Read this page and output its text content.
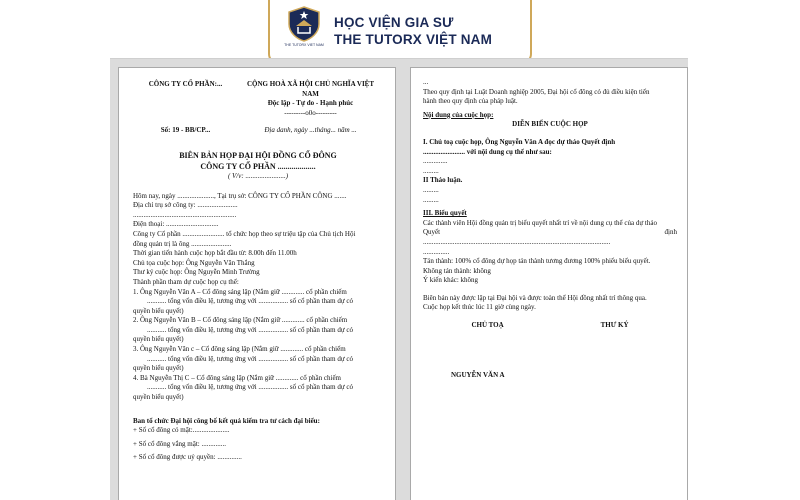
THE TUTORX VIET NAM
HỌC VIỆN GIA SƯ
THE TUTORX VIỆT NAM
CÔNG TY CỔ PHẦN:...	CỘNG HOÀ XÃ HỘI CHỦ NGHĨA VIỆT NAM
Độc lập - Tự do - Hạnh phúc
---------o0o---------
Số: 19 - BB/CP...	Địa danh, ngày ...tháng... năm ...
BIÊN BẢN HỌP ĐẠI HỘI ĐỒNG CỔ ĐÔNG
CÔNG TY CỔ PHẦN ...................
( V/v: .......................)
Hôm nay, ngày ....................., Tại trụ sở: CÔNG TY CỔ PHẦN CÔNG .......
Địa chỉ trụ sở công ty: .......................
...........................................................
Điện thoại: ..............................
Công ty Cổ phần ........................ tổ chức họp theo sự triệu tập của Chủ tịch Hội
đồng quản trị là ông .......................
Thời gian tiến hành cuộc họp bắt đầu từ: 8.00h đến 11.00h
Chủ tọa cuộc họp: Ông Nguyễn Văn Thắng
Thư ký cuộc họp: Ông Nguyễn Minh Trường
Thành phần tham dự cuộc họp cụ thể:
1. Ông Nguyễn Văn A – Cổ đông sáng lập (Nắm giữ ............. cổ phần chiếm
........... tổng vốn điều lệ, tương ứng với ................. số cổ phần tham dự có
quyền biểu quyết)
2. Ông Nguyễn Văn B – Cổ đông sáng lập (Nắm giữ ............. cổ phần chiếm
........... tổng vốn điều lệ, tương ứng với ................. số cổ phần tham dự có
quyền biểu quyết)
3. Ông Nguyễn Văn c – Cổ đông sáng lập (Nắm giữ ............. cổ phần chiếm
........... tổng vốn điều lệ, tương ứng với ................. số cổ phần tham dự có
quyền biểu quyết)
4. Bà Nguyễn Thị C – Cổ đông sáng lập (Nắm giữ ............. cổ phần chiếm
........... tổng vốn điều lệ, tương ứng với ................. số cổ phần tham dự có
quyền biểu quyết)
Ban tổ chức Đại hội công bố kết quả kiểm tra tư cách đại biểu:
+ Số cổ đông có mặt:.....................
+ Số cổ đông vắng mặt: ..............
+ Số cổ đông được uỷ quyền: ..............
...
Theo quy định tại Luật Doanh nghiệp 2005, Đại hội cổ đông có đủ điều kiện tiến
hành theo quy định của pháp luật.
Nội dung của cuộc họp:
DIỄN BIẾN CUỘC HỌP
I. Chủ toạ cuộc họp, Ông Nguyễn Văn A đọc dự thảo Quyết định
........................ với nội dung cụ thể như sau:
..............
.........
II Thảo luận.
.........
.........
III. Biểu quyết
Các thành viên Hội đồng quản trị biểu quyết nhất trí về nội dung cụ thể của dự thảo
Quyết	định
...........................................................................................................
...............
Tán thành: 100% cổ đông dự họp tán thành tương đương 100% phiếu biểu quyết.
Không tán thành: không
Ý kiến khác: không
Biên bản này được lập tại Đại hội và được toàn thể Hội đồng nhất trí thông qua.
Cuộc họp kết thúc lúc 11 giờ cùng ngày.
CHỦ TOẠ	THƯ KÝ
NGUYỄN VĂN A
